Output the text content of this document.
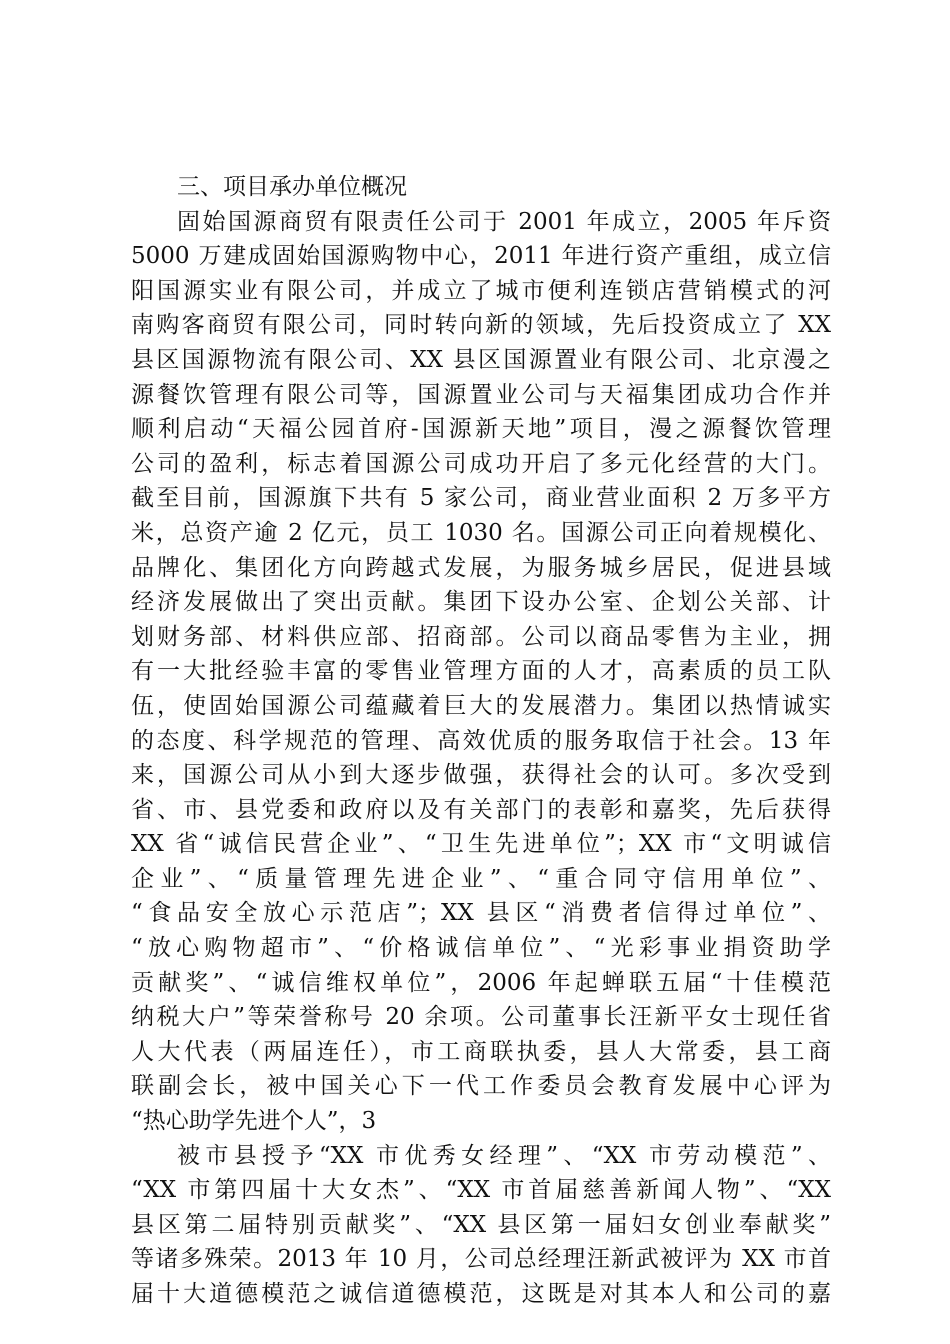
三、项目承办单位概况
固始国源商贸有限责任公司于 2001 年成立，2005 年斥资
5000 万建成固始国源购物中心，2011 年进行资产重组，成立信
阳国源实业有限公司，并成立了城市便利连锁店营销模式的河
南购客商贸有限公司，同时转向新的领域，先后投资成立了 XX
县区国源物流有限公司、XX 县区国源置业有限公司、北京漫之
源餐饮管理有限公司等，国源置业公司与天福集团成功合作并
顺利启动“天福公园首府-国源新天地”项目，漫之源餐饮管理
公司的盈利，标志着国源公司成功开启了多元化经营的大门。
截至目前，国源旗下共有 5 家公司，商业营业面积 2 万多平方
米，总资产逾 2 亿元，员工 1030 名。国源公司正向着规模化、
品牌化、集团化方向跨越式发展，为服务城乡居民，促进县域
经济发展做出了突出贡献。集团下设办公室、企划公关部、计
划财务部、材料供应部、招商部。公司以商品零售为主业，拥
有一大批经验丰富的零售业管理方面的人才，高素质的员工队
伍，使固始国源公司蕴藏着巨大的发展潜力。集团以热情诚实
的态度、科学规范的管理、高效优质的服务取信于社会。13 年
来，国源公司从小到大逐步做强，获得社会的认可。多次受到
省、市、县党委和政府以及有关部门的表彰和嘉奖，先后获得
XX 省“诚信民营企业”、“卫生先进单位”；XX 市“文明诚信
企业”、“质量管理先进企业”、“重合同守信用单位”、
“食品安全放心示范店”；XX 县区“消费者信得过单位”、
“放心购物超市”、“价格诚信单位”、“光彩事业捐资助学
贡献奖”、“诚信维权单位”，2006 年起蝉联五届“十佳模范
纳税大户”等荣誉称号 20 余项。公司董事长汪新平女士现任省
人大代表（两届连任），市工商联执委，县人大常委，县工商
联副会长，被中国关心下一代工作委员会教育发展中心评为
“热心助学先进个人”，3
被市县授予“XX 市优秀女经理”、“XX 市劳动模范”、
“XX 市第四届十大女杰”、“XX 市首届慈善新闻人物”、“XX
县区第二届特别贡献奖”、“XX 县区第一届妇女创业奉献奖”
等诸多殊荣。2013 年 10 月，公司总经理汪新武被评为 XX 市首
届十大道德模范之诚信道德模范，这既是对其本人和公司的嘉
